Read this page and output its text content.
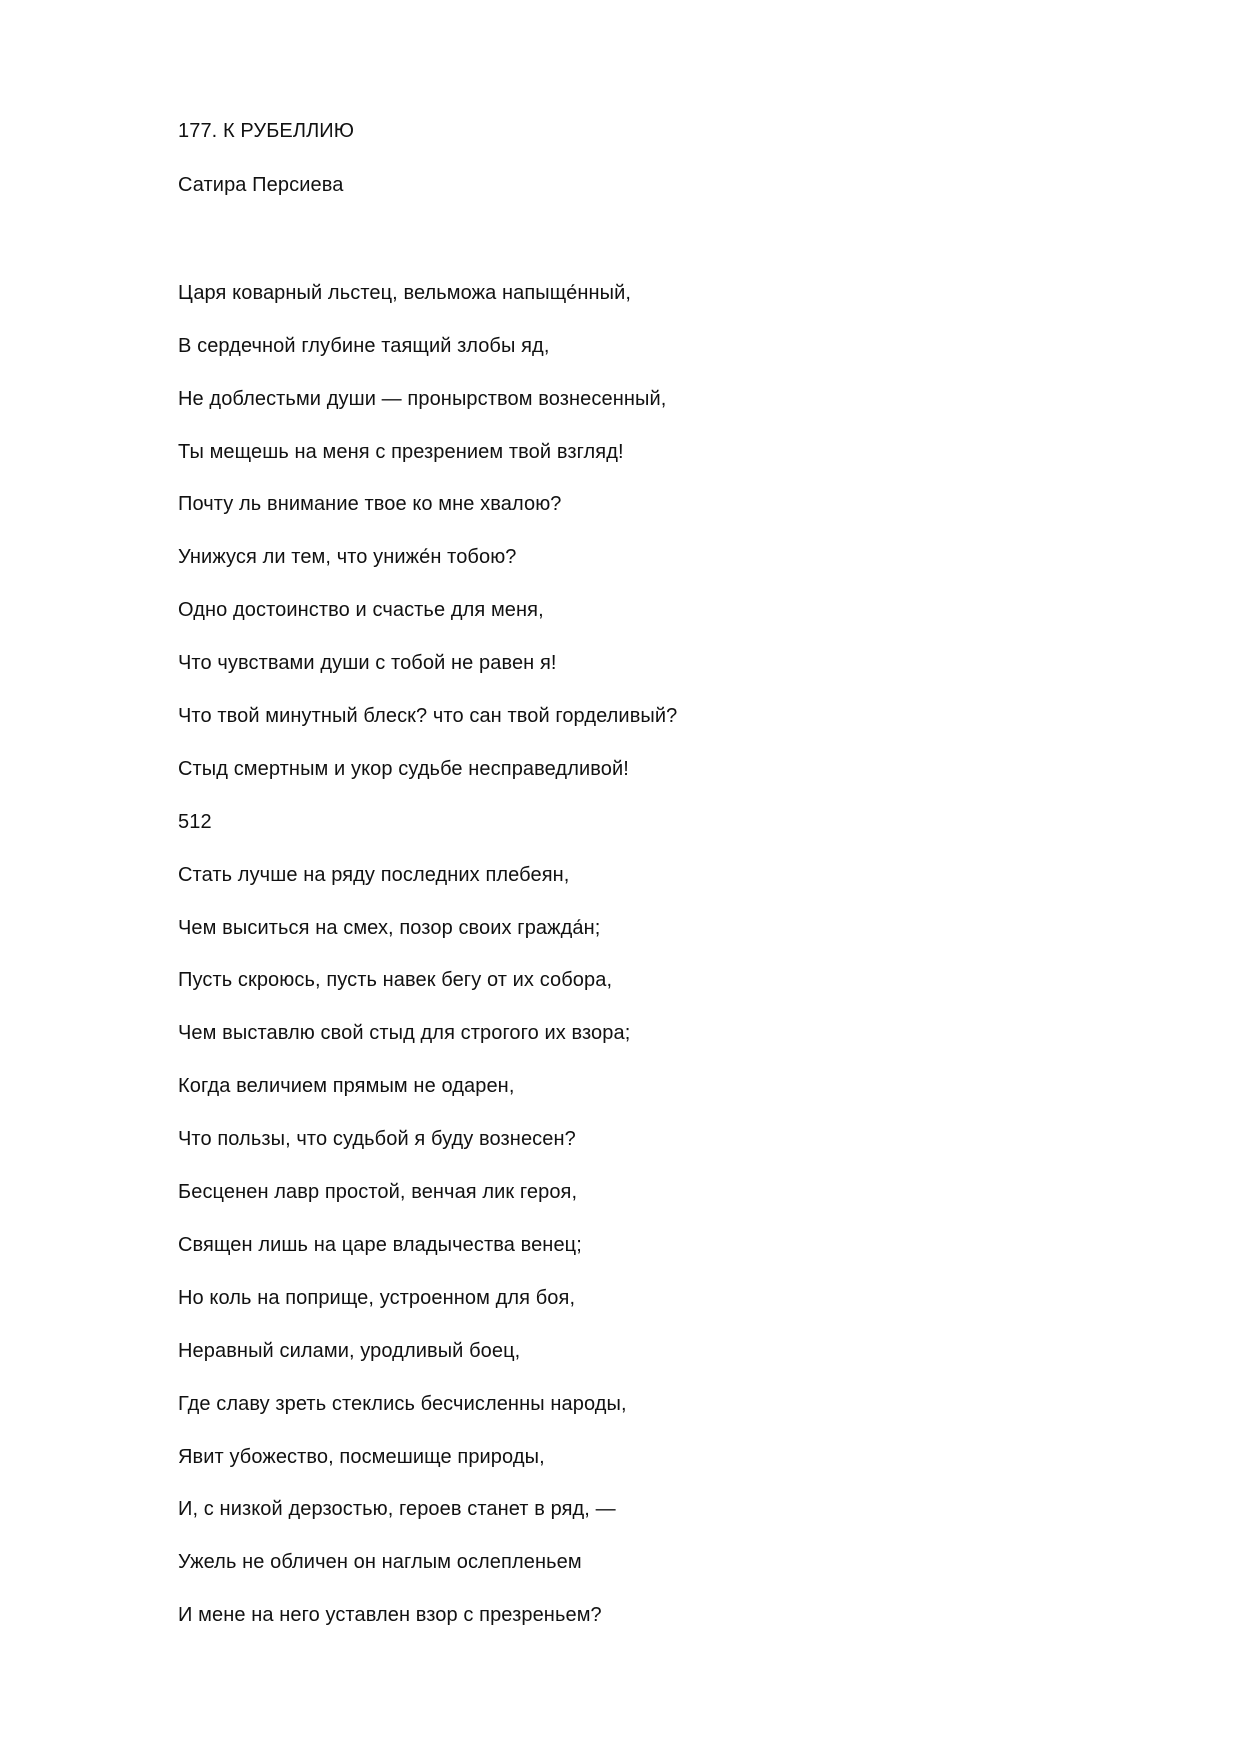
177. К РУБЕЛЛИЮ
Сатира Персиева
Царя коварный льстец, вельможа напыще́нный,
В сердечной глубине таящий злобы яд,
Не доблестьми души — пронырством вознесенный,
Ты мещешь на меня с презрением твой взгляд!
Почту ль внимание твое ко мне хвалою?
Унижуся ли тем, что униже́н тобою?
Одно достоинство и счастье для меня,
Что чувствами души с тобой не равен я!
Что твой минутный блеск? что сан твой горделивый?
Стыд смертным и укор судьбе несправедливой!
512
Стать лучше на ряду последних плебеян,
Чем выситься на смех, позор своих гражда́н;
Пусть скроюсь, пусть навек бегу от их собора,
Чем выставлю свой стыд для строгого их взора;
Когда величием прямым не одарен,
Что пользы, что судьбой я буду вознесен?
Бесценен лавр простой, венчая лик героя,
Священ лишь на царе владычества венец;
Но коль на поприще, устроенном для боя,
Неравный силами, уродливый боец,
Где славу зреть стеклись бесчисленны народы,
Явит убожество, посмешище природы,
И, с низкой дерзостью, героев станет в ряд, —
Ужель не обличен он наглым ослепленьем
И мене на него уставлен взор с презреньем?
